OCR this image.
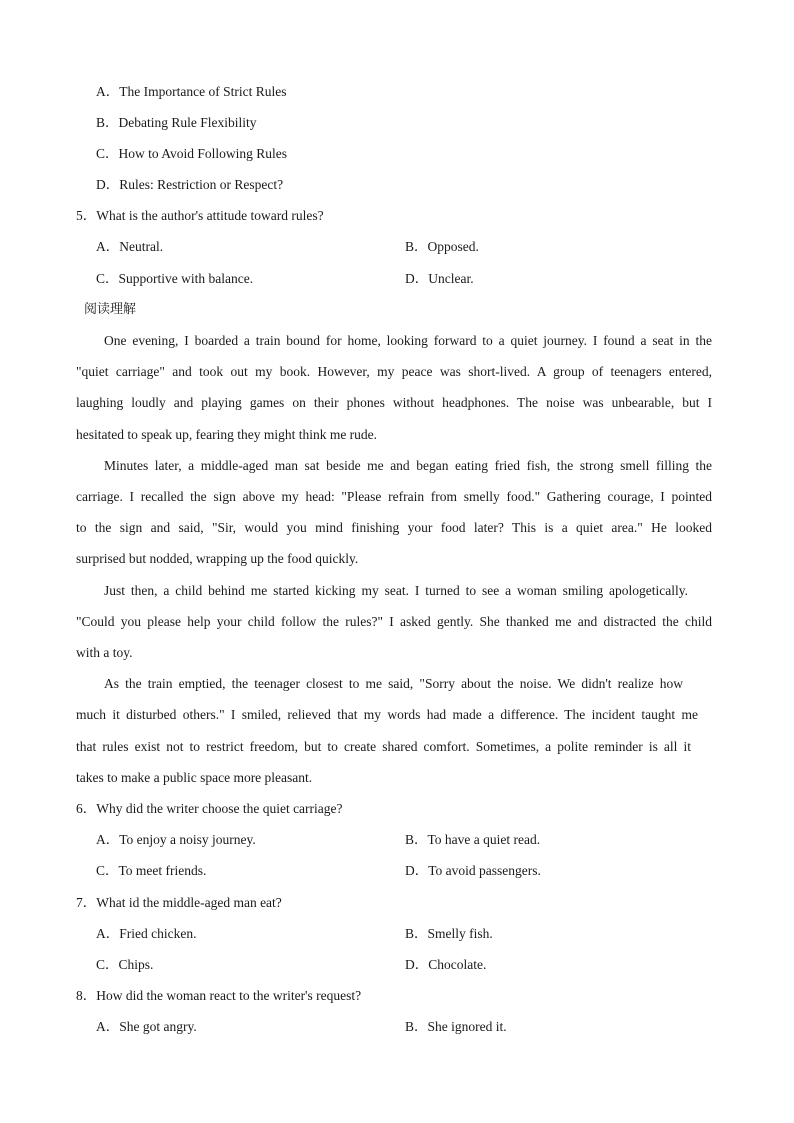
A．The Importance of Strict Rules
B．Debating Rule Flexibility
C．How to Avoid Following Rules
D．Rules: Restriction or Respect?
5．What is the author's attitude toward rules?
A．Neutral.	B．Opposed.
C．Supportive with balance.	D．Unclear.
阅读理解
One evening, I boarded a train bound for home, looking forward to a quiet journey. I found a seat in the
"quiet carriage" and took out my book. However, my peace was short-lived. A group of teenagers entered,
laughing loudly and playing games on their phones without headphones. The noise was unbearable, but I
hesitated to speak up, fearing they might think me rude.
Minutes later, a middle-aged man sat beside me and began eating fried fish, the strong smell filling the
carriage. I recalled the sign above my head: "Please refrain from smelly food." Gathering courage, I pointed
to the sign and said, "Sir, would you mind finishing your food later? This is a quiet area." He looked
surprised but nodded, wrapping up the food quickly.
Just then, a child behind me started kicking my seat. I turned to see a woman smiling apologetically.
"Could you please help your child follow the rules?" I asked gently. She thanked me and distracted the child
with a toy.
As the train emptied, the teenager closest to me said, "Sorry about the noise. We didn't realize how
much it disturbed others." I smiled, relieved that my words had made a difference. The incident taught me
that rules exist not to restrict freedom, but to create shared comfort. Sometimes, a polite reminder is all it
takes to make a public space more pleasant.
6．Why did the writer choose the quiet carriage?
A．To enjoy a noisy journey.	B．To have a quiet read.
C．To meet friends.	D．To avoid passengers.
7．What id the middle-aged man eat?
A．Fried chicken.	B．Smelly fish.
C．Chips.	D．Chocolate.
8．How did the woman react to the writer's request?
A．She got angry.	B．She ignored it.
